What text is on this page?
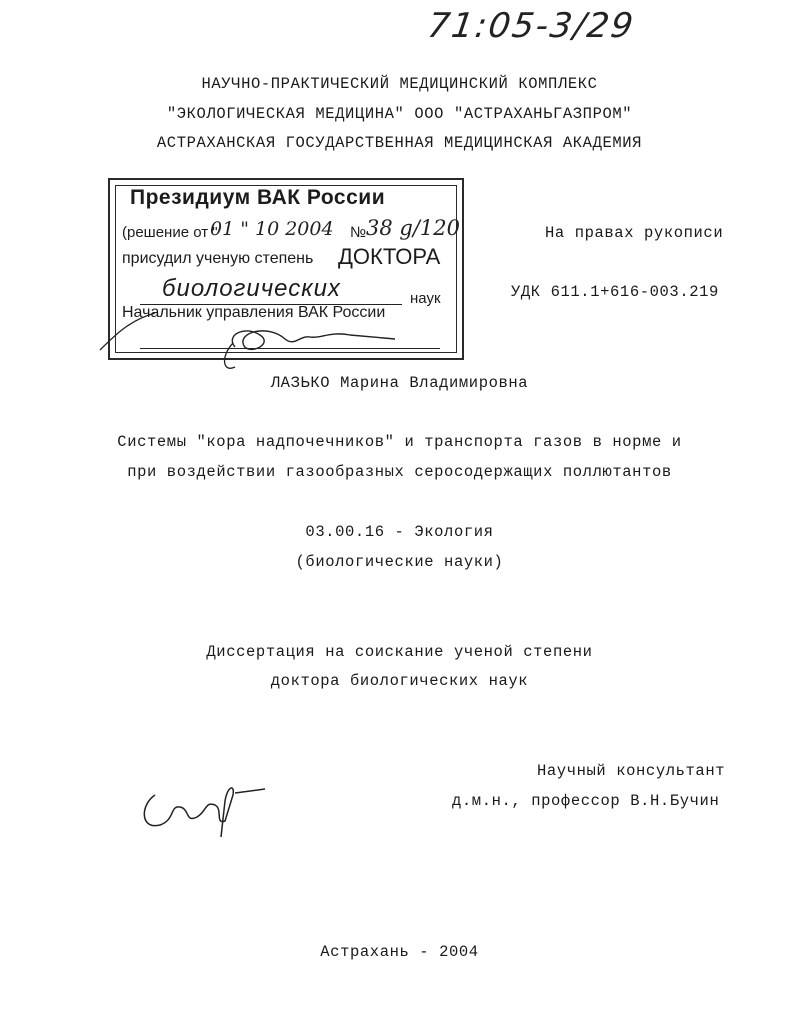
71:05-3/29
НАУЧНО-ПРАКТИЧЕСКИЙ МЕДИЦИНСКИЙ КОМПЛЕКС
"ЭКОЛОГИЧЕСКАЯ МЕДИЦИНА" ООО "АСТРАХАНЬГАЗПРОМ"
АСТРАХАНСКАЯ ГОСУДАРСТВЕННАЯ МЕДИЦИНСКАЯ АКАДЕМИЯ
Президиум ВАК России
(решение от "
01 " 10 2004 № 38 g/120
присудил ученую степень ДОКТОРА
биологических	наук
Начальник управления ВАК России
На правах рукописи
УДК 611.1+616-003.219
ЛАЗЬКО Марина Владимировна
Системы "кора надпочечников" и транспорта газов в норме и
при воздействии газообразных серосодержащих поллютантов
03.00.16 - Экология
(биологические науки)
Диссертация на соискание ученой степени
доктора биологических наук
Научный консультант
д.м.н., профессор В.Н.Бучин
Астрахань - 2004
